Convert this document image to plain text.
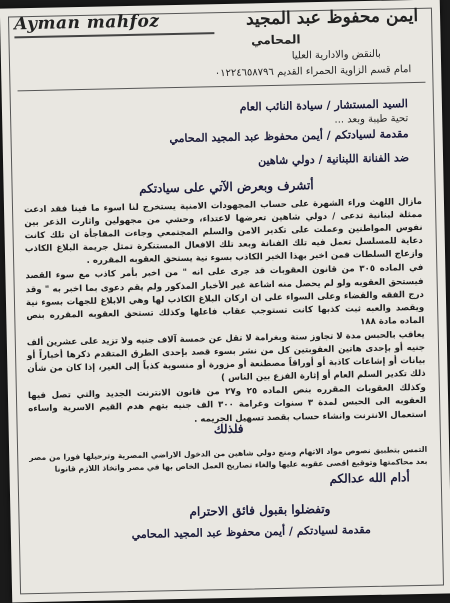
Ayman mahfoz	ايمن محفوظ عبد المجيد
المحامي
بالنقض والادارية العليا
امام قسم الزاوية الحمراء القديم ٠١٢٢٤٦٥٨٧٩٦
السيد المستشار / سيادة النائب العام
تحية طيبة وبعد ...
مقدمة لسيادتكم / أيمن محفوظ عبد المجيد المحامي
ضد الفنانة اللبنانية / دولي شاهين
أتشرف وبعرض الآتي على سيادتكم

مازال اللهث وراء الشهرة على حساب المجهودات الامنية يستخرج لنا اسوء ما فينا فقد ادعت ممثلة لبنانية تدعى / دولي شاهين تعرضها لاعتداء، وحشي من مجهولين واثارت الذعر بين نفوس المواطنين وعملت على تكدير الامن والسلم المجتمعي وجاءت المفاجأة ان تلك كانت دعاية للمسلسل تعمل فيه تلك الفنانة وبعد تلك الافعال المستنكرة تمثل جريمة البلاغ الكاذب وازعاج السلطات فمن اخبر بهذا الخبر الكاذب بسوء نية يستحق العقوبه المقرره .

في الماده ٣٠٥ من قانون العقوبات قد جرى على انه " من اخبر بأمر كاذب مع سوء القصد فيستحق العقوبه ولو لم يحصل منه اشاعة غير الأخبار المذكور ولم يقم دعوى بما اخبر به " وقد درج الفقه والقضاء وعلى السواء على ان اركان البلاغ الكاذب لها وهي الابلاغ للجهات بسوء نية ويقصد والعبه ثبت كذبها كانت تستوجب عقاب فاعلها وكذلك تستحق العقوبه المقرره بنص الماده مادة ١٨٨

يعاقب بالحبس مدة لا تجاوز سنة وبغرامة لا تقل عن خمسة آلاف جنيه ولا تزيد على عشرين ألف جنيه أو بإحدى هاتين العقوبتين كل من نشر بسوء قصد بإحدى الطرق المتقدم ذكرها أخباراً أو بيانات أو إشاعات كاذبة أو أوراقاً مصطنعة أو مزورة أو منسوبة كذباً إلى الغير، إذا كان من شأن ذلك تكدير السلم العام أو إثارة الفزع بين الناس )

وكذلك العقوبات المقرره بنص الماده ٢٥ و٢٧ من قانون الانترنت الجديد والتي تصل فيها العقوبه الى الحبس لمدة ٣ سنوات وغرامة ٣٠٠ الف جنيه بتهم هدم القيم الاسرية واساءه استعمال الانترنت وانشاء حساب بقصد تسهيل الجريمه .

فلذلك
التمس بتطبيق نصوص مواد الاتهام ومنع دولي شاهين من الدخول الاراضي المصرية وترحيلها فورا من مصر بعد محاكمتها وتوقيع اقصى عقوبه عليها والغاء تصاريح العمل الخاص بها في مصر واتخاذ اللازم قانونا
أدام الله عدالكم
وتفضلوا بقبول فائق الاحترام
مقدمة لسيادتكم / أيمن محفوظ عبد المجيد المحامي
